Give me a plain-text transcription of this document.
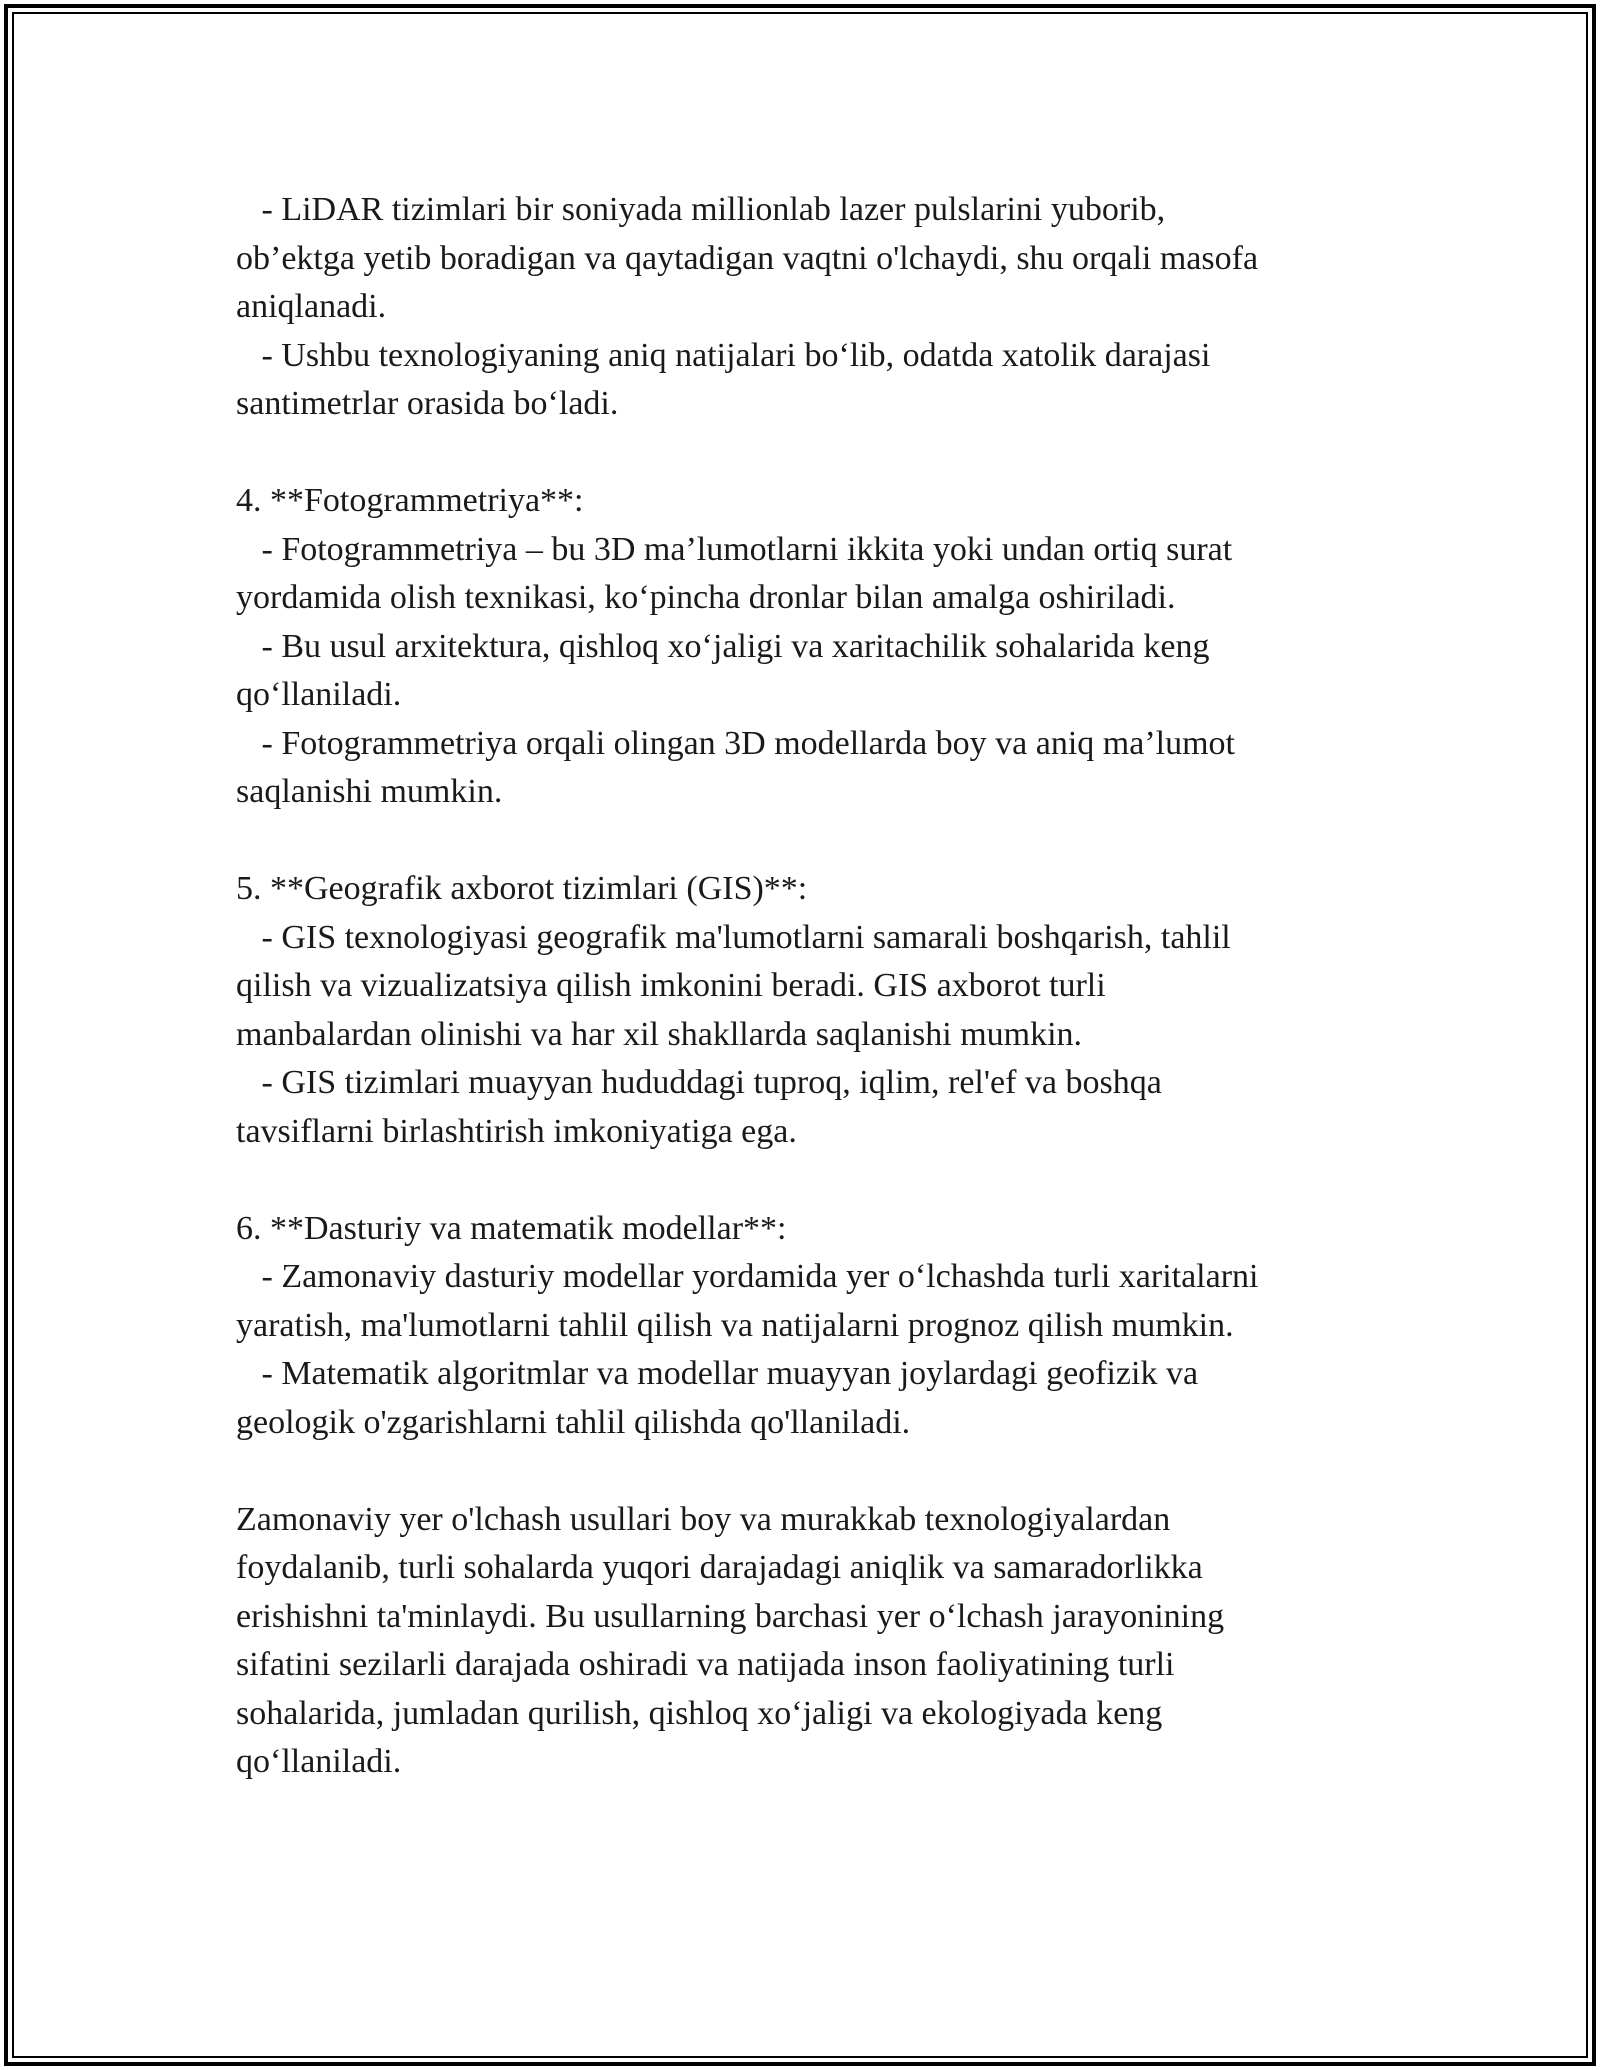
- LiDAR tizimlari bir soniyada millionlab lazer pulslarini yuborib,
ob’ektga yetib boradigan va qaytadigan vaqtni o'lchaydi, shu orqali masofa
aniqlanadi.
- Ushbu texnologiyaning aniq natijalari bo‘lib, odatda xatolik darajasi
santimetrlar orasida bo‘ladi.
4. **Fotogrammetriya**:
- Fotogrammetriya – bu 3D ma’lumotlarni ikkita yoki undan ortiq surat
yordamida olish texnikasi, ko‘pincha dronlar bilan amalga oshiriladi.
- Bu usul arxitektura, qishloq xo‘jaligi va xaritachilik sohalarida keng
qo‘llaniladi.
- Fotogrammetriya orqali olingan 3D modellarda boy va aniq ma’lumot
saqlanishi mumkin.
5. **Geografik axborot tizimlari (GIS)**:
- GIS texnologiyasi geografik ma'lumotlarni samarali boshqarish, tahlil
qilish va vizualizatsiya qilish imkonini beradi. GIS axborot turli
manbalardan olinishi va har xil shakllarda saqlanishi mumkin.
- GIS tizimlari muayyan hududdagi tuproq, iqlim, rel'ef va boshqa
tavsiflarni birlashtirish imkoniyatiga ega.
6. **Dasturiy va matematik modellar**:
- Zamonaviy dasturiy modellar yordamida yer o‘lchashda turli xaritalarni
yaratish, ma'lumotlarni tahlil qilish va natijalarni prognoz qilish mumkin.
- Matematik algoritmlar va modellar muayyan joylardagi geofizik va
geologik o'zgarishlarni tahlil qilishda qo'llaniladi.
Zamonaviy yer o'lchash usullari boy va murakkab texnologiyalardan
foydalanib, turli sohalarda yuqori darajadagi aniqlik va samaradorlikka
erishishni ta'minlaydi. Bu usullarning barchasi yer o‘lchash jarayonining
sifatini sezilarli darajada oshiradi va natijada inson faoliyatining turli
sohalarida, jumladan qurilish, qishloq xo‘jaligi va ekologiyada keng
qo‘llaniladi.
